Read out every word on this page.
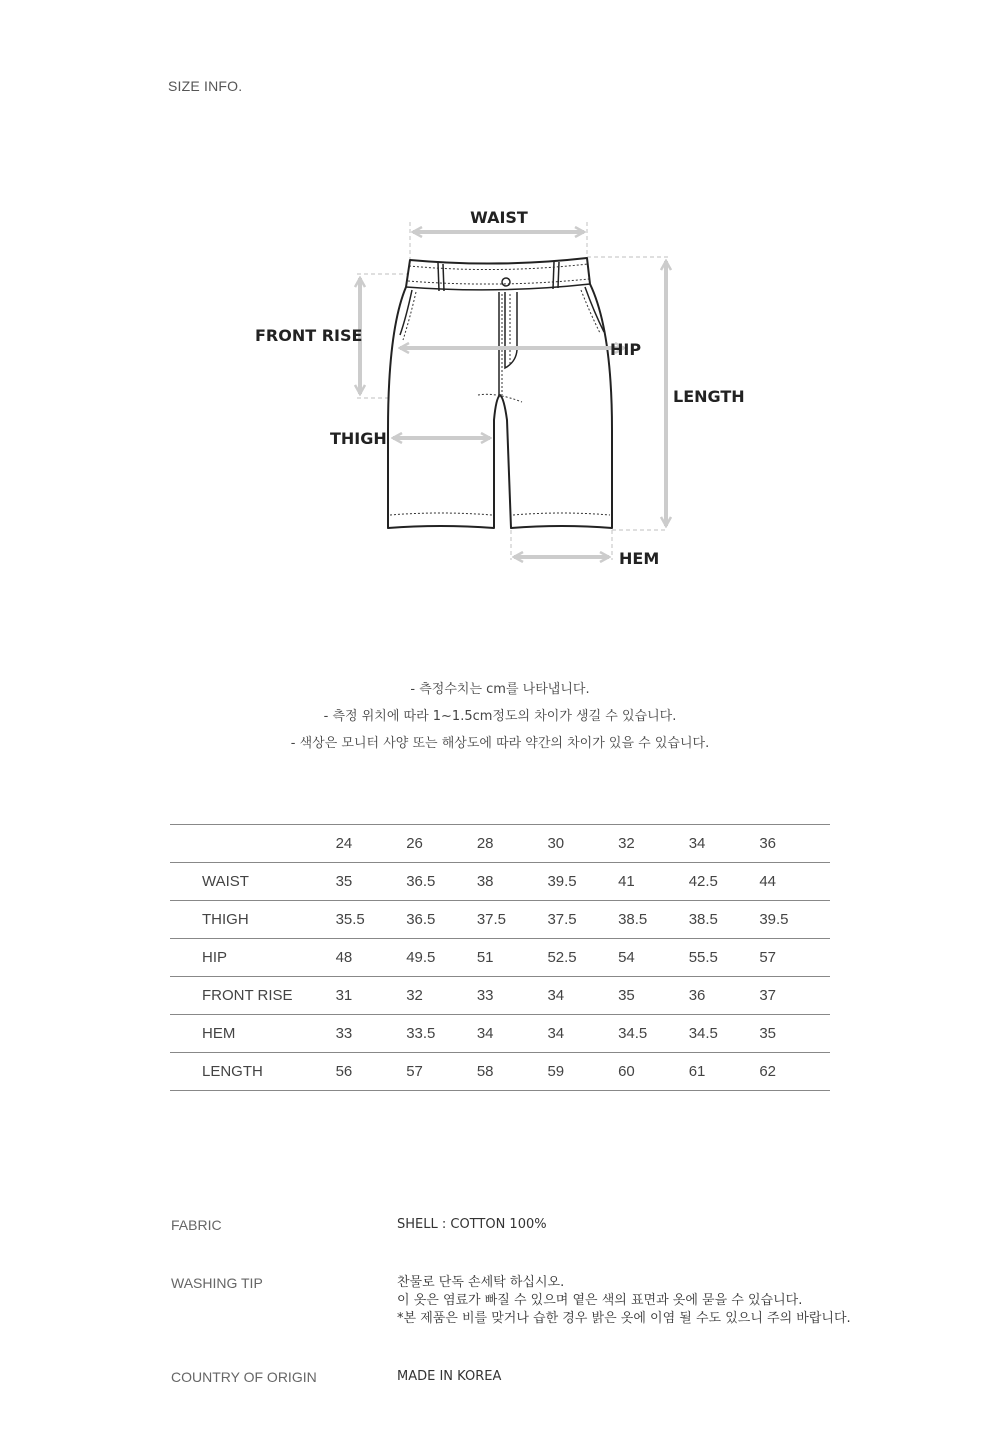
SIZE INFO.
WAIST
FRONT RISE
HIP
LENGTH
THIGH
HEM
- 측정수치는 cm를 나타냅니다.
- 측정 위치에 따라 1~1.5cm정도의 차이가 생길 수 있습니다.
- 색상은 모니터 사양 또는 해상도에 따라 약간의 차이가 있을 수 있습니다.
	24	26	28	30	32	34	36
WAIST	35	36.5	38	39.5	41	42.5	44
THIGH	35.5	36.5	37.5	37.5	38.5	38.5	39.5
HIP	48	49.5	51	52.5	54	55.5	57
FRONT RISE	31	32	33	34	35	36	37
HEM	33	33.5	34	34	34.5	34.5	35
LENGTH	56	57	58	59	60	61	62
FABRIC	SHELL : COTTON 100%
WASHING TIP	찬물로 단독 손세탁 하십시오.
이 옷은 염료가 빠질 수 있으며 옅은 색의 표면과 옷에 묻을 수 있습니다.
*본 제품은 비를 맞거나 습한 경우 밝은 옷에 이염 될 수도 있으니 주의 바랍니다.
COUNTRY OF ORIGIN	MADE IN KOREA
